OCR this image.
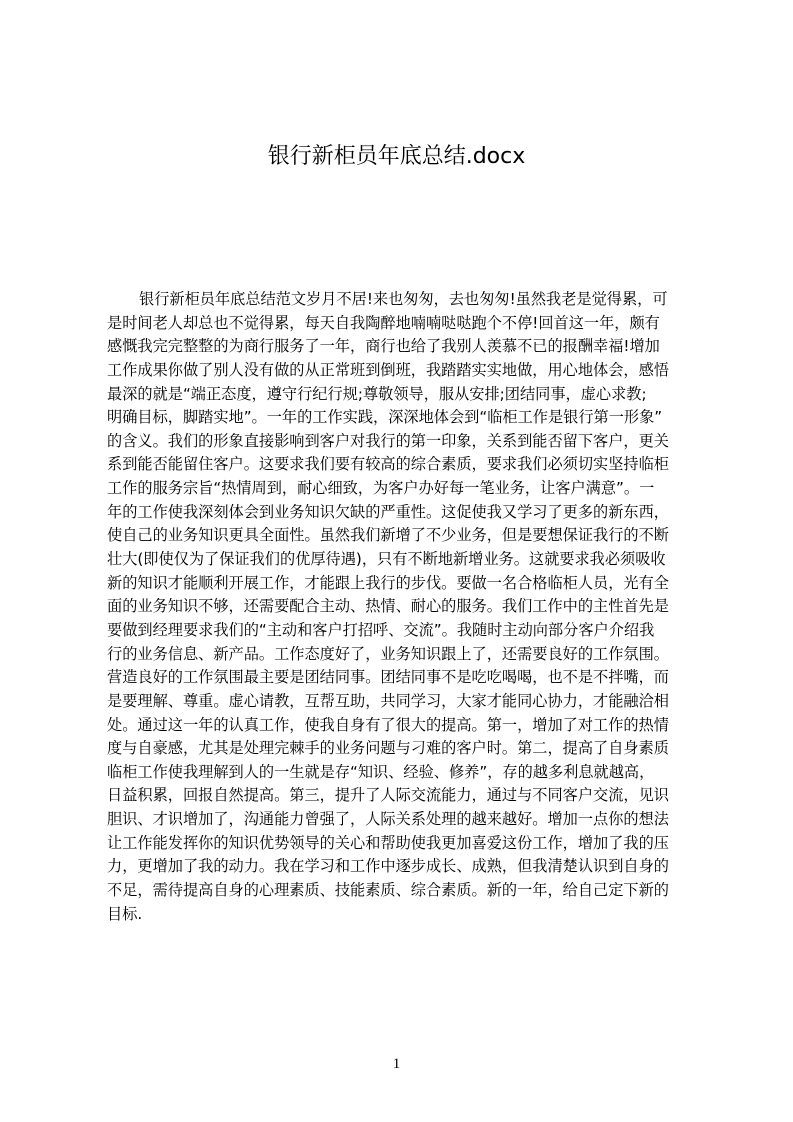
银行新柜员年底总结.docx
银行新柜员年底总结范文岁月不居!来也匆匆，去也匆匆!虽然我老是觉得累，可
是时间老人却总也不觉得累，每天自我陶醉地喃喃哒哒跑个不停!回首这一年，颇有
感慨我完完整整的为商行服务了一年，商行也给了我别人羡慕不已的报酬幸福!增加
工作成果你做了别人没有做的从正常班到倒班，我踏踏实实地做，用心地体会，感悟
最深的就是“端正态度，遵守行纪行规;尊敬领导，服从安排;团结同事，虚心求教;
明确目标，脚踏实地”。一年的工作实践，深深地体会到“临柜工作是银行第一形象”
的含义。我们的形象直接影响到客户对我行的第一印象，关系到能否留下客户，更关
系到能否能留住客户。这要求我们要有较高的综合素质，要求我们必须切实坚持临柜
工作的服务宗旨“热情周到，耐心细致，为客户办好每一笔业务，让客户满意”。一
年的工作使我深刻体会到业务知识欠缺的严重性。这促使我又学习了更多的新东西，
使自己的业务知识更具全面性。虽然我们新增了不少业务，但是要想保证我行的不断
壮大(即使仅为了保证我们的优厚待遇)，只有不断地新增业务。这就要求我必须吸收
新的知识才能顺利开展工作，才能跟上我行的步伐。要做一名合格临柜人员，光有全
面的业务知识不够，还需要配合主动、热情、耐心的服务。我们工作中的主性首先是
要做到经理要求我们的“主动和客户打招呼、交流”。我随时主动向部分客户介绍我
行的业务信息、新产品。工作态度好了，业务知识跟上了，还需要良好的工作氛围。
营造良好的工作氛围最主要是团结同事。团结同事不是吃吃喝喝，也不是不拌嘴，而
是要理解、尊重。虚心请教，互帮互助，共同学习，大家才能同心协力，才能融洽相
处。通过这一年的认真工作，使我自身有了很大的提高。第一，增加了对工作的热情
度与自豪感，尤其是处理完棘手的业务问题与刁难的客户时。第二，提高了自身素质
临柜工作使我理解到人的一生就是存“知识、经验、修养”，存的越多利息就越高，
日益积累，回报自然提高。第三，提升了人际交流能力，通过与不同客户交流，见识
胆识、才识增加了，沟通能力曾强了，人际关系处理的越来越好。增加一点你的想法
让工作能发挥你的知识优势领导的关心和帮助使我更加喜爱这份工作，增加了我的压
力，更增加了我的动力。我在学习和工作中逐步成长、成熟，但我清楚认识到自身的
不足，需待提高自身的心理素质、技能素质、综合素质。新的一年，给自己定下新的
目标.
1
